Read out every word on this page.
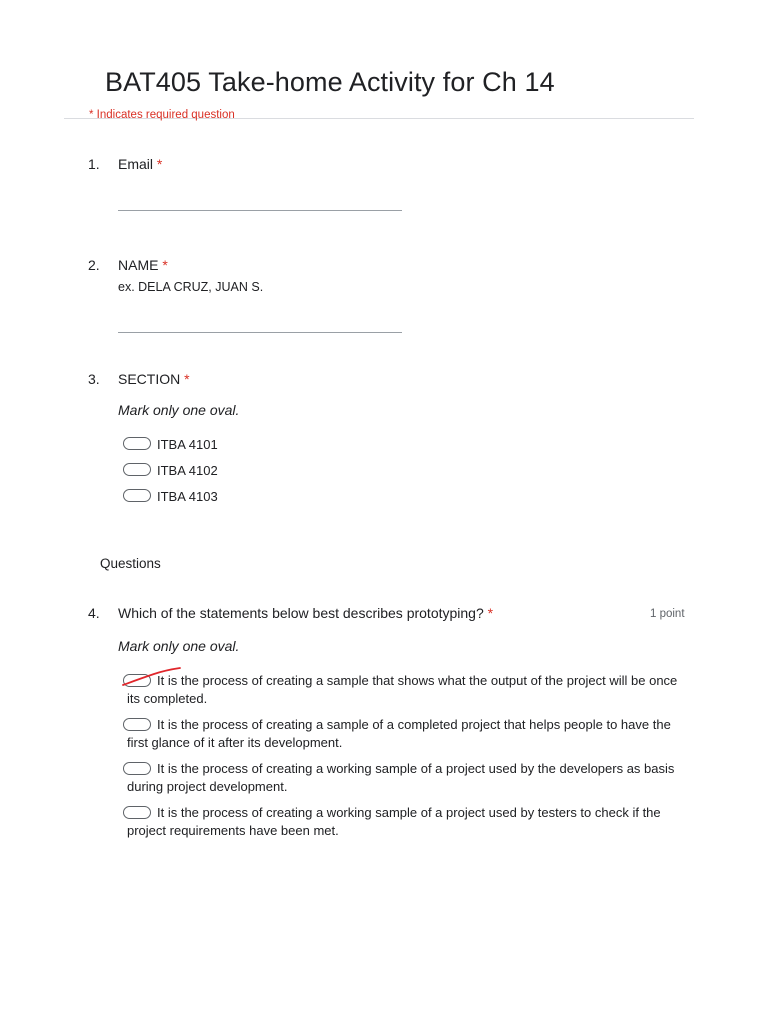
BAT405 Take-home Activity for Ch 14
* Indicates required question
1. Email *
2. NAME *
ex. DELA CRUZ, JUAN S.
3. SECTION *
Mark only one oval.
ITBA 4101
ITBA 4102
ITBA 4103
Questions
4. Which of the statements below best describes prototyping? *	1 point
Mark only one oval.
It is the process of creating a sample that shows what the output of the project will be once its completed.
It is the process of creating a sample of a completed project that helps people to have the first glance of it after its development.
It is the process of creating a working sample of a project used by the developers as basis during project development.
It is the process of creating a working sample of a project used by testers to check if the project requirements have been met.
